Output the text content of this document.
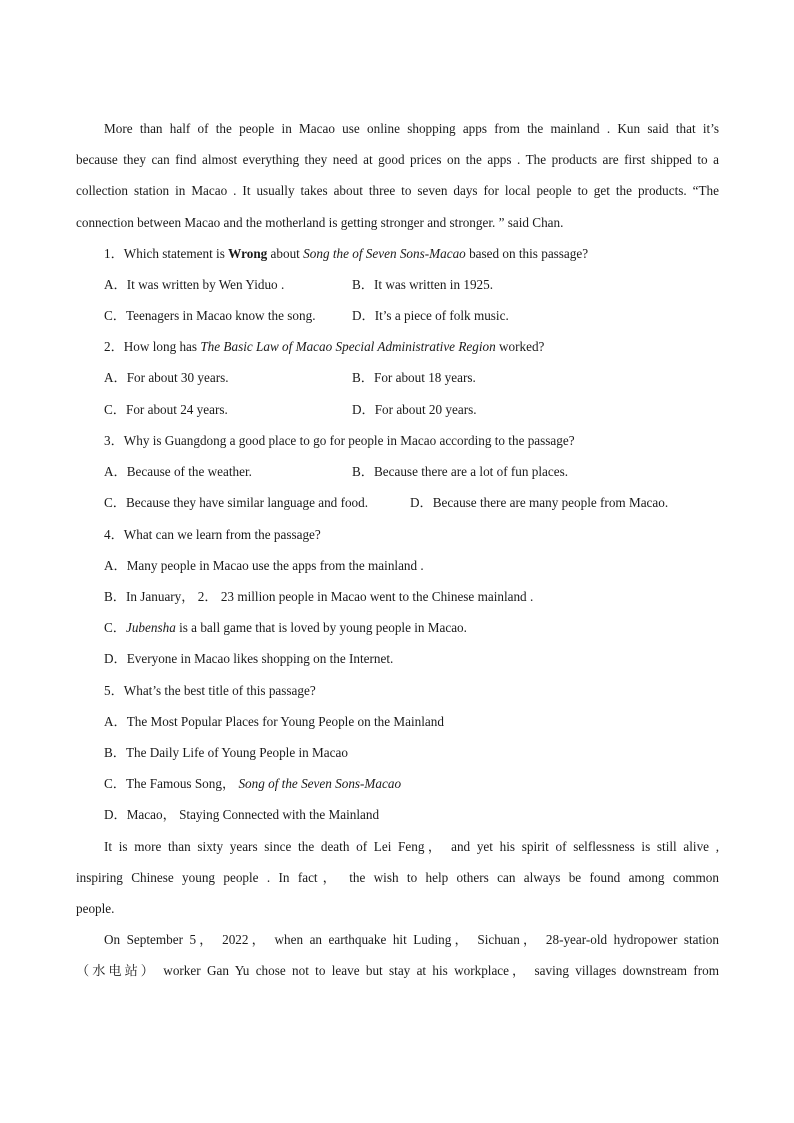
More than half of the people in Macao use online shopping apps from the mainland . Kun said that it’s
because they can find almost everything they need at good prices on the apps . The products are first shipped to a
collection station in Macao . It usually takes about three to seven days for local people to get the products. “The
connection between Macao and the motherland is getting stronger and stronger. ” said Chan.
1．Which statement is Wrong about Song the of Seven Sons-Macao based on this passage?
A．It was written by Wen Yiduo .	B．It was written in 1925.
C．Teenagers in Macao know the song.	D．It’s a piece of folk music.
2．How long has The Basic Law of Macao Special Administrative Region worked?
A．For about 30 years.	B．For about 18 years.
C．For about 24 years.	D．For about 20 years.
3．Why is Guangdong a good place to go for people in Macao according to the passage?
A．Because of the weather.	B．Because there are a lot of fun places.
C．Because they have similar language and food.	D．Because there are many people from Macao.
4．What can we learn from the passage?
A．Many people in Macao use the apps from the mainland .
B．In January， 2． 23 million people in Macao went to the Chinese mainland .
C．Jubensha is a ball game that is loved by young people in Macao.
D．Everyone in Macao likes shopping on the Internet.
5．What’s the best title of this passage?
A．The Most Popular Places for Young People on the Mainland
B．The Daily Life of Young People in Macao
C．The Famous Song， Song of the Seven Sons-Macao
D．Macao， Staying Connected with the Mainland
It is more than sixty years since the death of Lei Feng， and yet his spirit of selflessness is still alive ,
inspiring Chinese young people . In fact， the wish to help others can always be found among common
people.
On September 5， 2022， when an earthquake hit Luding， Sichuan， 28-year-old hydropower station
（水电站） worker Gan Yu chose not to leave but stay at his workplace， saving villages downstream from
